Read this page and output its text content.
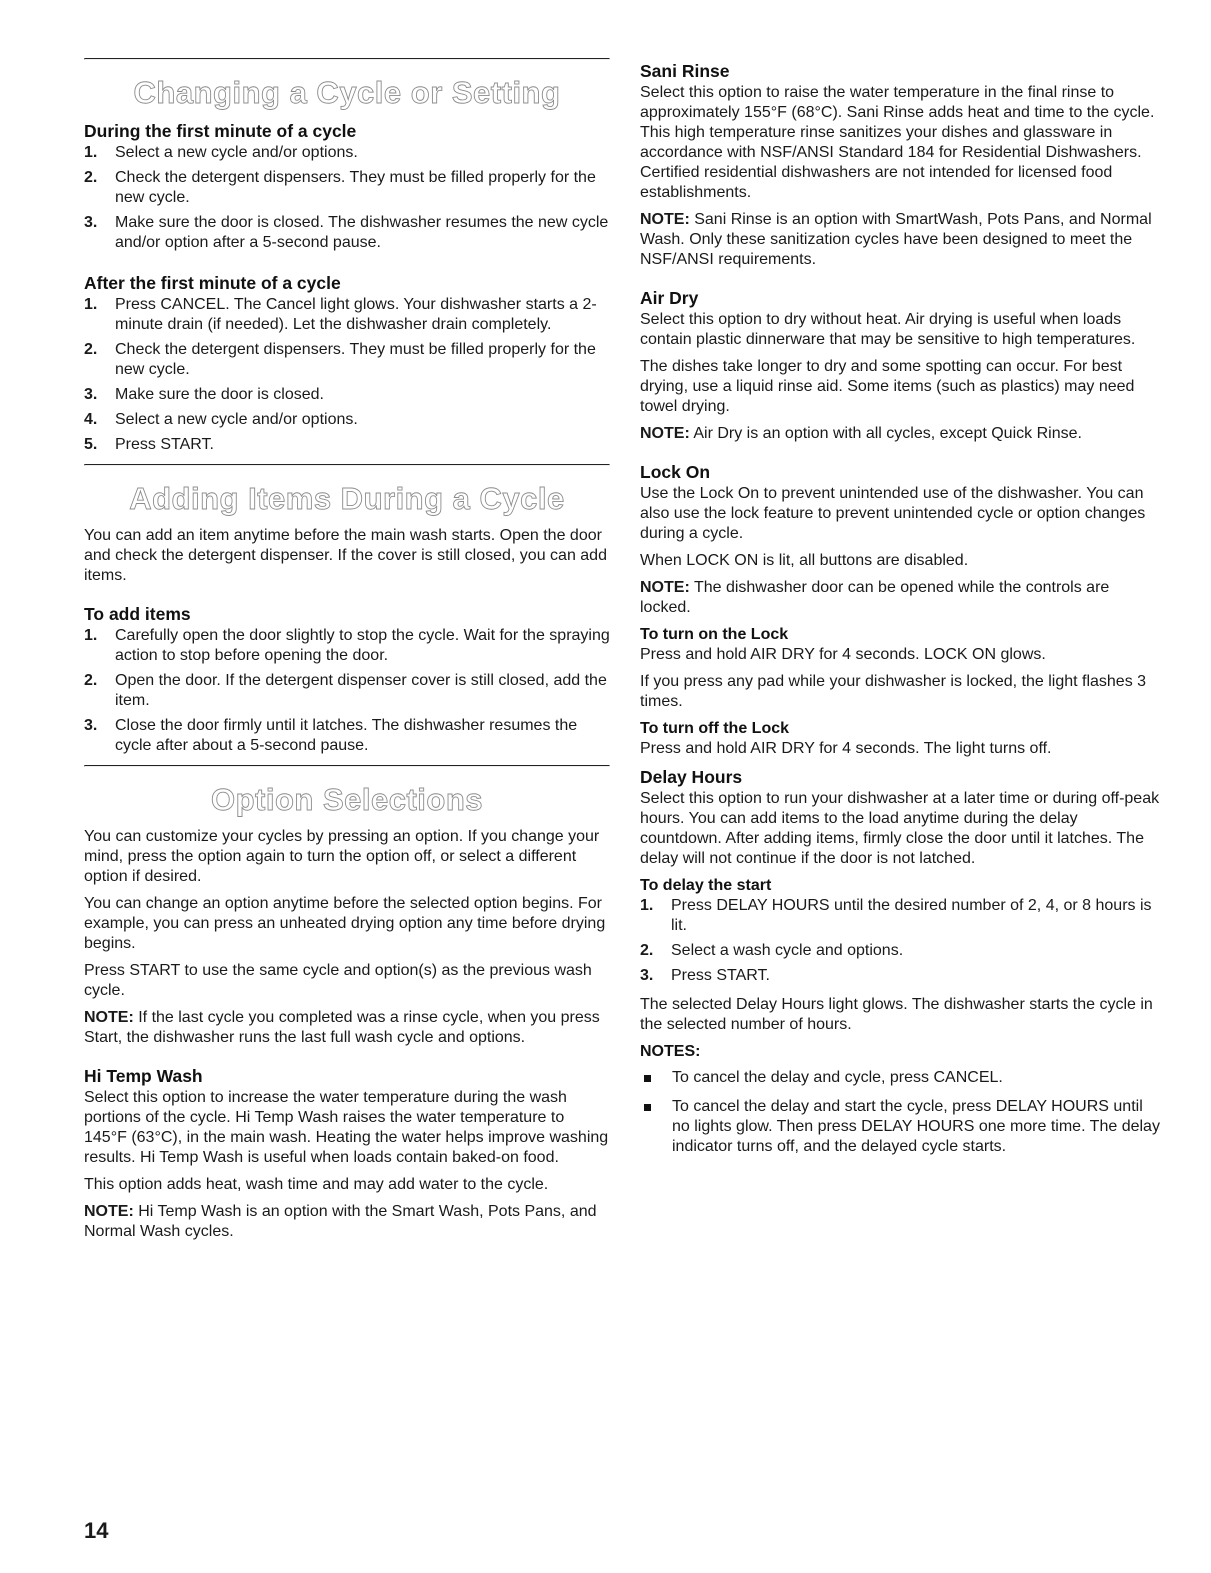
Changing a Cycle or Setting
During the first minute of a cycle
1. Select a new cycle and/or options.
2. Check the detergent dispensers. They must be filled properly for the new cycle.
3. Make sure the door is closed. The dishwasher resumes the new cycle and/or option after a 5-second pause.
After the first minute of a cycle
1. Press CANCEL. The Cancel light glows. Your dishwasher starts a 2-minute drain (if needed). Let the dishwasher drain completely.
2. Check the detergent dispensers. They must be filled properly for the new cycle.
3. Make sure the door is closed.
4. Select a new cycle and/or options.
5. Press START.
Adding Items During a Cycle

You can add an item anytime before the main wash starts. Open the door and check the detergent dispenser. If the cover is still closed, you can add items.

To add items
1. Carefully open the door slightly to stop the cycle. Wait for the spraying action to stop before opening the door.
2. Open the door. If the detergent dispenser cover is still closed, add the item.
3. Close the door firmly until it latches. The dishwasher resumes the cycle after about a 5-second pause.
Option Selections

You can customize your cycles by pressing an option. If you change your mind, press the option again to turn the option off, or select a different option if desired.

You can change an option anytime before the selected option begins. For example, you can press an unheated drying option any time before drying begins.

Press START to use the same cycle and option(s) as the previous wash cycle.

NOTE: If the last cycle you completed was a rinse cycle, when you press Start, the dishwasher runs the last full wash cycle and options.

Hi Temp Wash

Select this option to increase the water temperature during the wash portions of the cycle. Hi Temp Wash raises the water temperature to 145°F (63°C), in the main wash. Heating the water helps improve washing results. Hi Temp Wash is useful when loads contain baked-on food.

This option adds heat, wash time and may add water to the cycle.

NOTE: Hi Temp Wash is an option with the Smart Wash, Pots Pans, and Normal Wash cycles.

Sani Rinse

Select this option to raise the water temperature in the final rinse to approximately 155°F (68°C). Sani Rinse adds heat and time to the cycle. This high temperature rinse sanitizes your dishes and glassware in accordance with NSF/ANSI Standard 184 for Residential Dishwashers. Certified residential dishwashers are not intended for licensed food establishments.

NOTE: Sani Rinse is an option with SmartWash, Pots Pans, and Normal Wash. Only these sanitization cycles have been designed to meet the NSF/ANSI requirements.

Air Dry

Select this option to dry without heat. Air drying is useful when loads contain plastic dinnerware that may be sensitive to high temperatures.

The dishes take longer to dry and some spotting can occur. For best drying, use a liquid rinse aid. Some items (such as plastics) may need towel drying.

NOTE: Air Dry is an option with all cycles, except Quick Rinse.

Lock On

Use the Lock On to prevent unintended use of the dishwasher. You can also use the lock feature to prevent unintended cycle or option changes during a cycle.

When LOCK ON is lit, all buttons are disabled.

NOTE: The dishwasher door can be opened while the controls are locked.

To turn on the Lock

Press and hold AIR DRY for 4 seconds. LOCK ON glows.

If you press any pad while your dishwasher is locked, the light flashes 3 times.

To turn off the Lock

Press and hold AIR DRY for 4 seconds. The light turns off.

Delay Hours

Select this option to run your dishwasher at a later time or during off-peak hours. You can add items to the load anytime during the delay countdown. After adding items, firmly close the door until it latches. The delay will not continue if the door is not latched.

To delay the start
1. Press DELAY HOURS until the desired number of 2, 4, or 8 hours is lit.
2. Select a wash cycle and options.
3. Press START.

The selected Delay Hours light glows. The dishwasher starts the cycle in the selected number of hours.

NOTES:
To cancel the delay and cycle, press CANCEL.
To cancel the delay and start the cycle, press DELAY HOURS until no lights glow. Then press DELAY HOURS one more time. The delay indicator turns off, and the delayed cycle starts.
14
